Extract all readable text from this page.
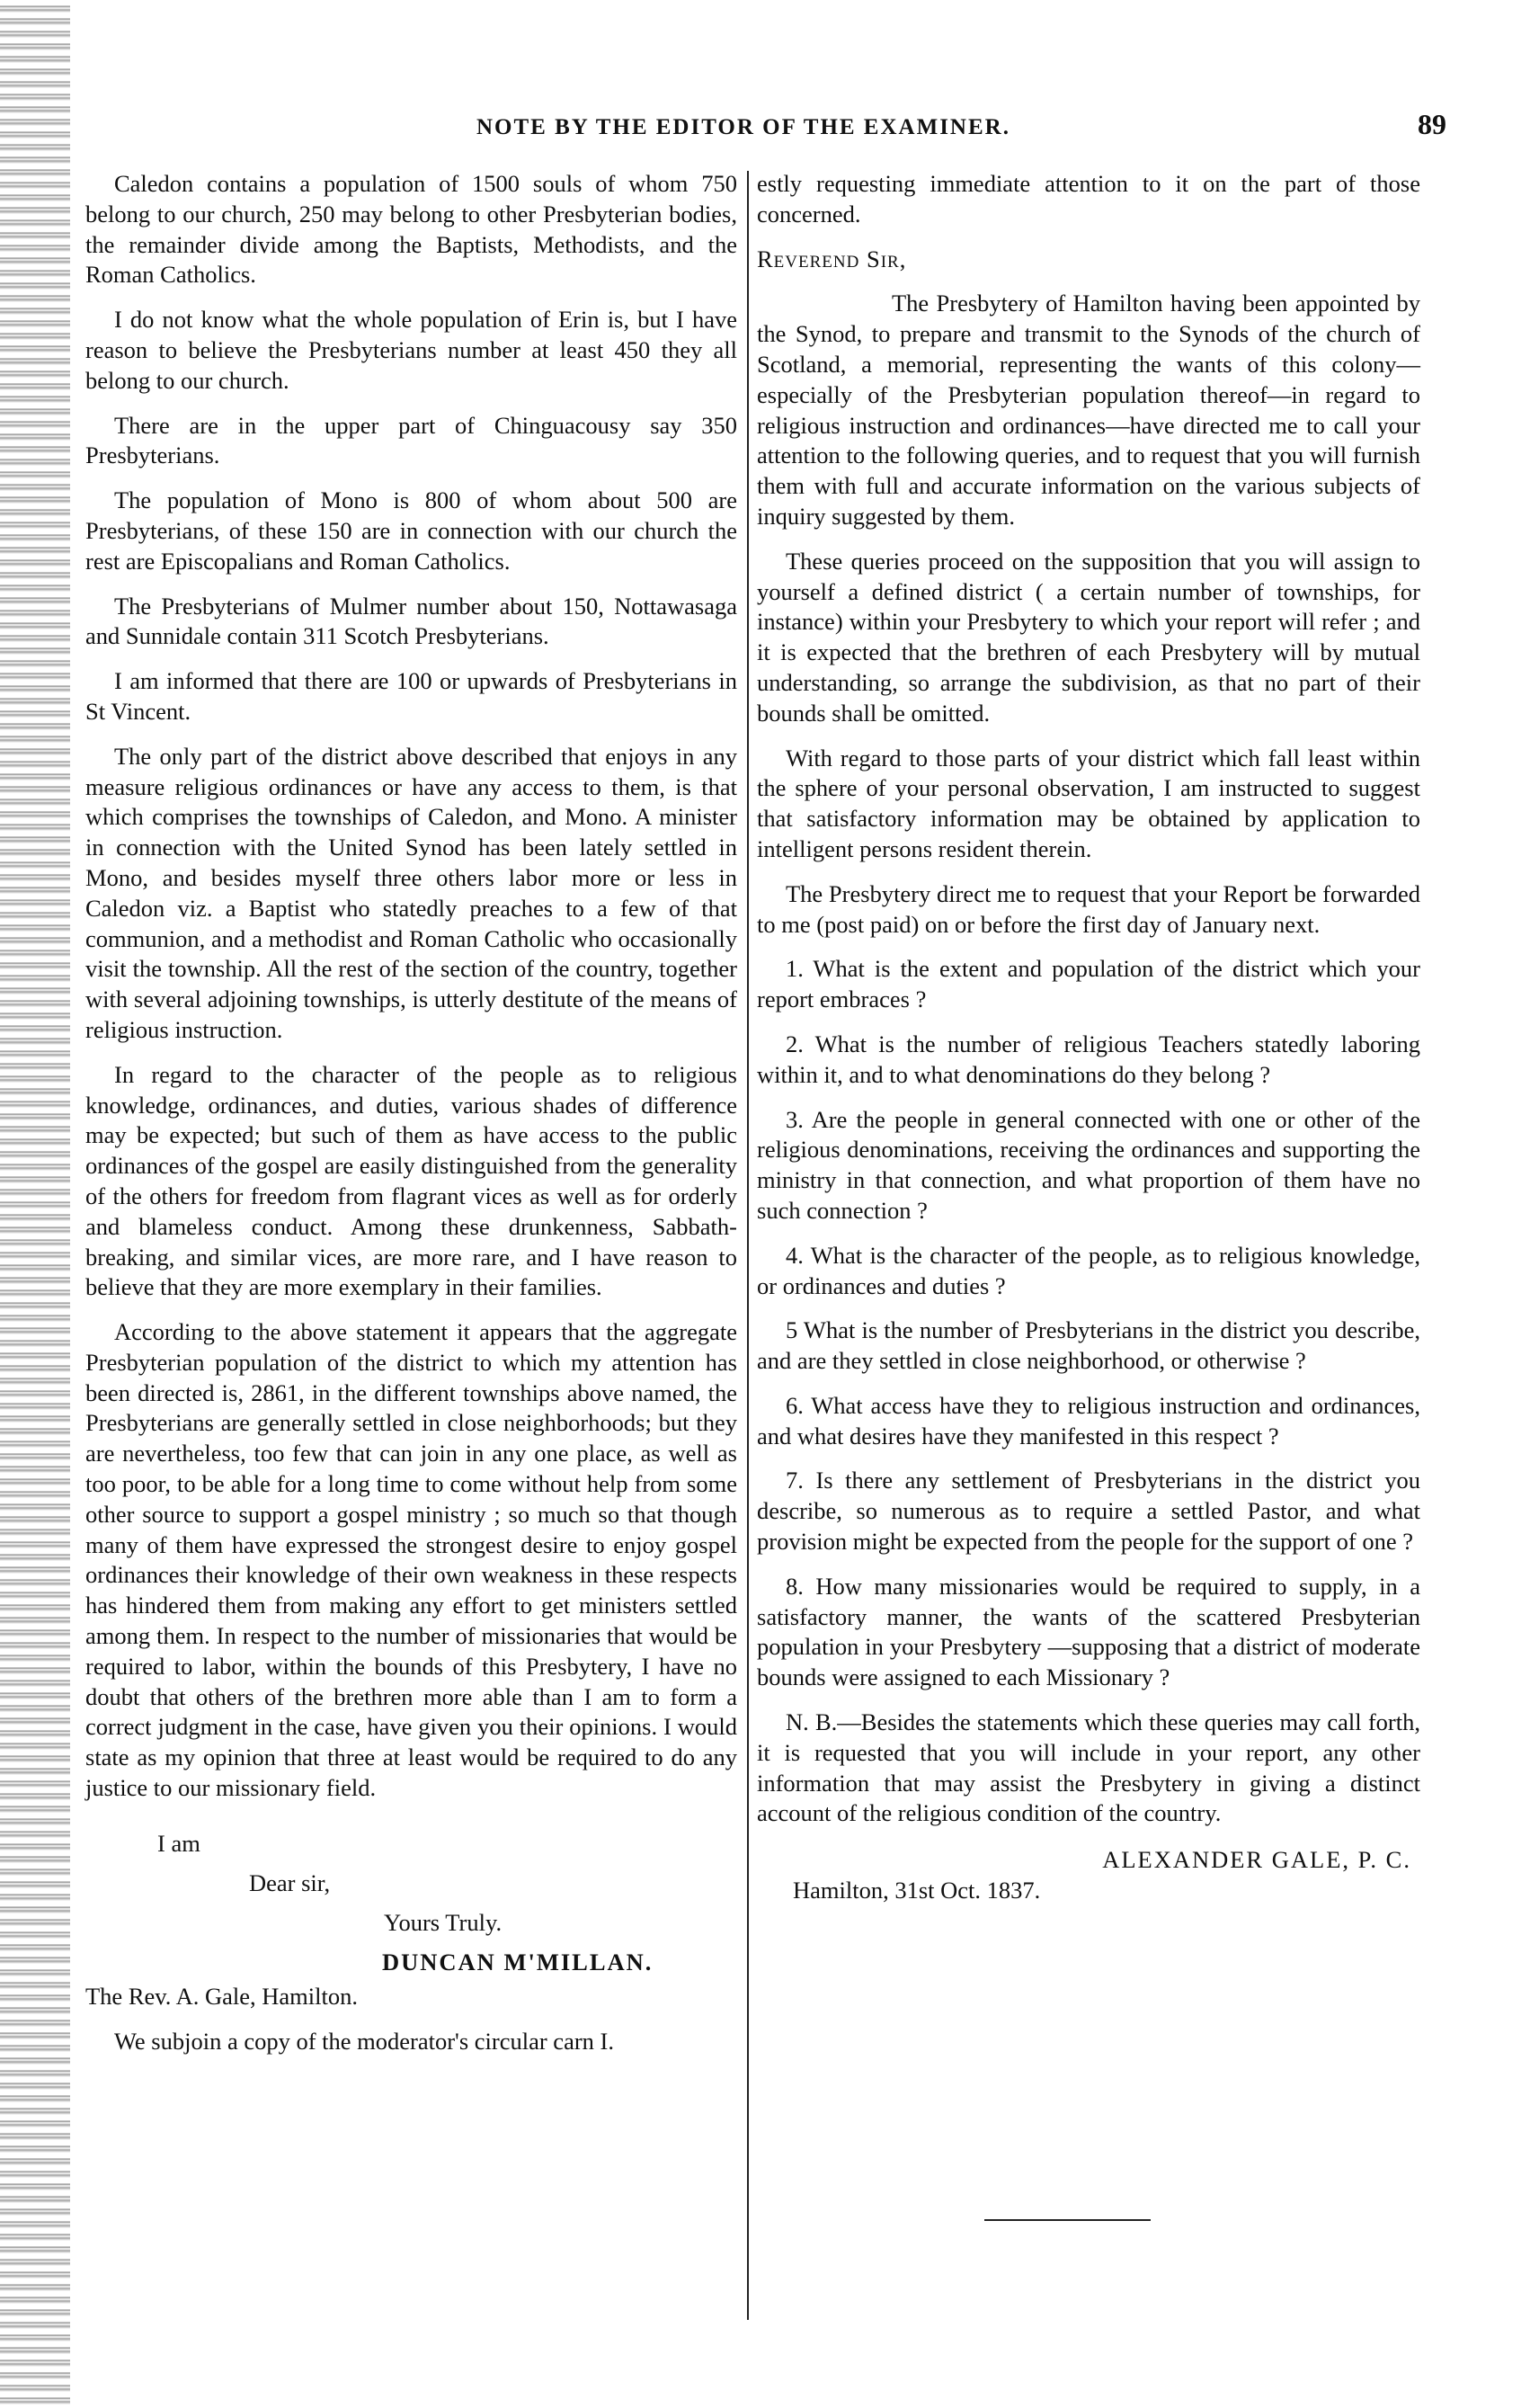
NOTE BY THE EDITOR OF THE EXAMINER.	89

Caledon contains a population of 1500 souls of whom 750 belong to our church, 250 may belong to other Presbyterian bodies, the remainder divide among the Baptists, Methodists, and the Roman Catholics.

I do not know what the whole population of Erin is, but I have reason to believe the Presbyterians number at least 450 they all belong to our church.

There are in the upper part of Chinguacousy say 350 Presbyterians.

The population of Mono is 800 of whom about 500 are Presbyterians, of these 150 are in connection with our church the rest are Episcopalians and Roman Catholics.

The Presbyterians of Mulmer number about 150, Nottawasaga and Sunnidale contain 311 Scotch Presbyterians.

I am informed that there are 100 or upwards of Presbyterians in St Vincent.

The only part of the district above described that enjoys in any measure religious ordinances or have any access to them, is that which comprises the townships of Caledon, and Mono. A minister in connection with the United Synod has been lately settled in Mono, and besides myself three others labor more or less in Caledon viz. a Baptist who statedly preaches to a few of that communion, and a methodist and Roman Catholic who occasionally visit the township. All the rest of the section of the country, together with several adjoining townships, is utterly destitute of the means of religious instruction.

In regard to the character of the people as to religious knowledge, ordinances, and duties, various shades of difference may be expected; but such of them as have access to the public ordinances of the gospel are easily distinguished from the generality of the others for freedom from flagrant vices as well as for orderly and blameless conduct. Among these drunkenness, Sabbath-breaking, and similar vices, are more rare, and I have reason to believe that they are more exemplary in their families.

According to the above statement it appears that the aggregate Presbyterian population of the district to which my attention has been directed is, 2861, in the different townships above named, the Presbyterians are generally settled in close neighborhoods; but they are nevertheless, too few that can join in any one place, as well as too poor, to be able for a long time to come without help from some other source to support a gospel ministry ; so much so that though many of them have expressed the strongest desire to enjoy gospel ordinances their knowledge of their own weakness in these respects has hindered them from making any effort to get ministers settled among them. In respect to the number of missionaries that would be required to labor, within the bounds of this Presbytery, I have no doubt that others of the brethren more able than I am to form a correct judgment in the case, have given you their opinions. I would state as my opinion that three at least would be required to do any justice to our missionary field.

I am
Dear sir,
Yours Truly.
DUNCAN M'MILLAN.

The Rev. A. Gale, Hamilton.

We subjoin a copy of the moderator's circular carn I.

estly requesting immediate attention to it on the part of those concerned.

Reverend Sir,

The Presbytery of Hamilton having been appointed by the Synod, to prepare and transmit to the Synods of the church of Scotland, a memorial, representing the wants of this colony—especially of the Presbyterian population thereof—in regard to religious instruction and ordinances—have directed me to call your attention to the following queries, and to request that you will furnish them with full and accurate information on the various subjects of inquiry suggested by them.

These queries proceed on the supposition that you will assign to yourself a defined district ( a certain number of townships, for instance) within your Presbytery to which your report will refer ; and it is expected that the brethren of each Presbytery will by mutual understanding, so arrange the subdivision, as that no part of their bounds shall be omitted.

With regard to those parts of your district which fall least within the sphere of your personal observation, I am instructed to suggest that satisfactory information may be obtained by application to intelligent persons resident therein.

The Presbytery direct me to request that your Report be forwarded to me (post paid) on or before the first day of January next.

1. What is the extent and population of the district which your report embraces ?

2. What is the number of religious Teachers statedly laboring within it, and to what denominations do they belong ?

3. Are the people in general connected with one or other of the religious denominations, receiving the ordinances and supporting the ministry in that connection, and what proportion of them have no such connection ?

4. What is the character of the people, as to religious knowledge, or ordinances and duties ?

5 What is the number of Presbyterians in the district you describe, and are they settled in close neighborhood, or otherwise ?

6. What access have they to religious instruction and ordinances, and what desires have they manifested in this respect ?

7. Is there any settlement of Presbyterians in the district you describe, so numerous as to require a settled Pastor, and what provision might be expected from the people for the support of one ?

8. How many missionaries would be required to supply, in a satisfactory manner, the wants of the scattered Presbyterian population in your Presbytery —supposing that a district of moderate bounds were assigned to each Missionary ?

N. B.—Besides the statements which these queries may call forth, it is requested that you will include in your report, any other information that may assist the Presbytery in giving a distinct account of the religious condition of the country.

ALEXANDER GALE, P. C.
Hamilton, 31st Oct. 1837.
